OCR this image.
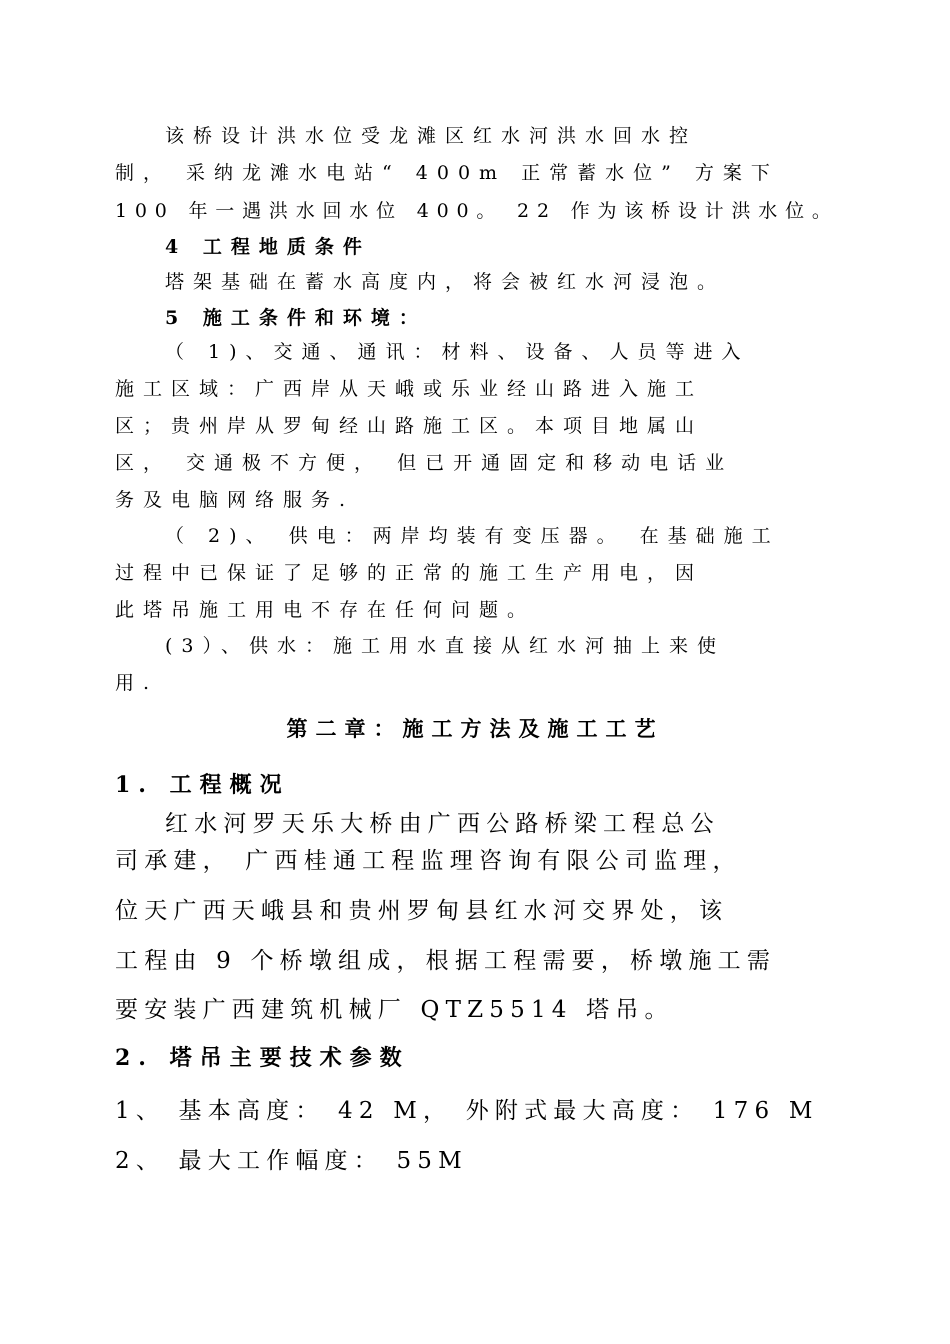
该桥设计洪水位受龙滩区红水河洪水回水控
制， 采纳龙滩水电站“ 400m 正常蓄水位” 方案下
100 年一遇洪水回水位 400。 22 作为该桥设计洪水位。
4 工程地质条件
塔架基础在蓄水高度内，将会被红水河浸泡。
5 施工条件和环境：
（ 1)、交通、通讯：材料、设备、人员等进入
施工区域：广西岸从天峨或乐业经山路进入施工
区；贵州岸从罗甸经山路施工区。本项目地属山
区， 交通极不方便， 但已开通固定和移动电话业
务及电脑网络服务.
（ 2)、 供电：两岸均装有变压器。 在基础施工
过程中已保证了足够的正常的施工生产用电，因
此塔吊施工用电不存在任何问题。
(3）、供水：施工用水直接从红水河抽上来使
用.
第二章：施工方法及施工工艺
1. 工程概况
红水河罗天乐大桥由广西公路桥梁工程总公
司承建， 广西桂通工程监理咨询有限公司监理，
位天广西天峨县和贵州罗甸县红水河交界处，该
工程由 9 个桥墩组成，根据工程需要，桥墩施工需
要安装广西建筑机械厂 QTZ5514 塔吊。
2. 塔吊主要技术参数
1、 基本高度： 42 M， 外附式最大高度： 176 M
2、 最大工作幅度： 55M
